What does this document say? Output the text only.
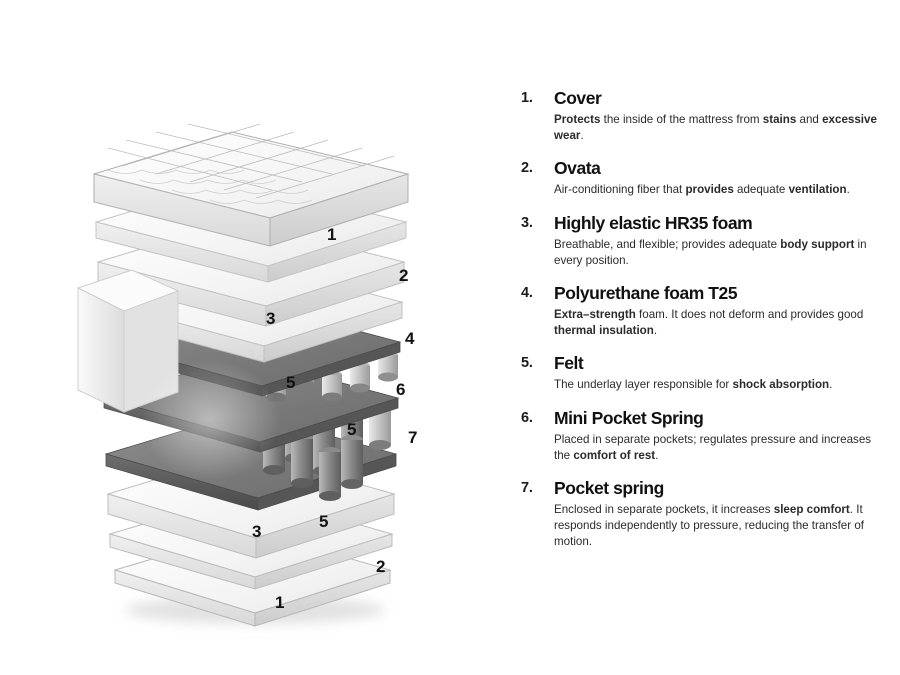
1
2
3
4
5	6
5	7
5
3
2
1
1. Cover
Protects the inside of the mattress from stains and excessive wear.
2. Ovata
Air-conditioning fiber that provides adequate ventilation.
3. Highly elastic HR35 foam
Breathable, and flexible; provides adequate body support in every position.
4. Polyurethane foam T25
Extra–strength foam. It does not deform and provides good thermal insulation.
5. Felt
The underlay layer responsible for shock absorption.
6. Mini Pocket Spring
Placed in separate pockets; regulates pressure and increases the comfort of rest.
7. Pocket spring
Enclosed in separate pockets, it increases sleep comfort. It responds independently to pressure, reducing the transfer of motion.
